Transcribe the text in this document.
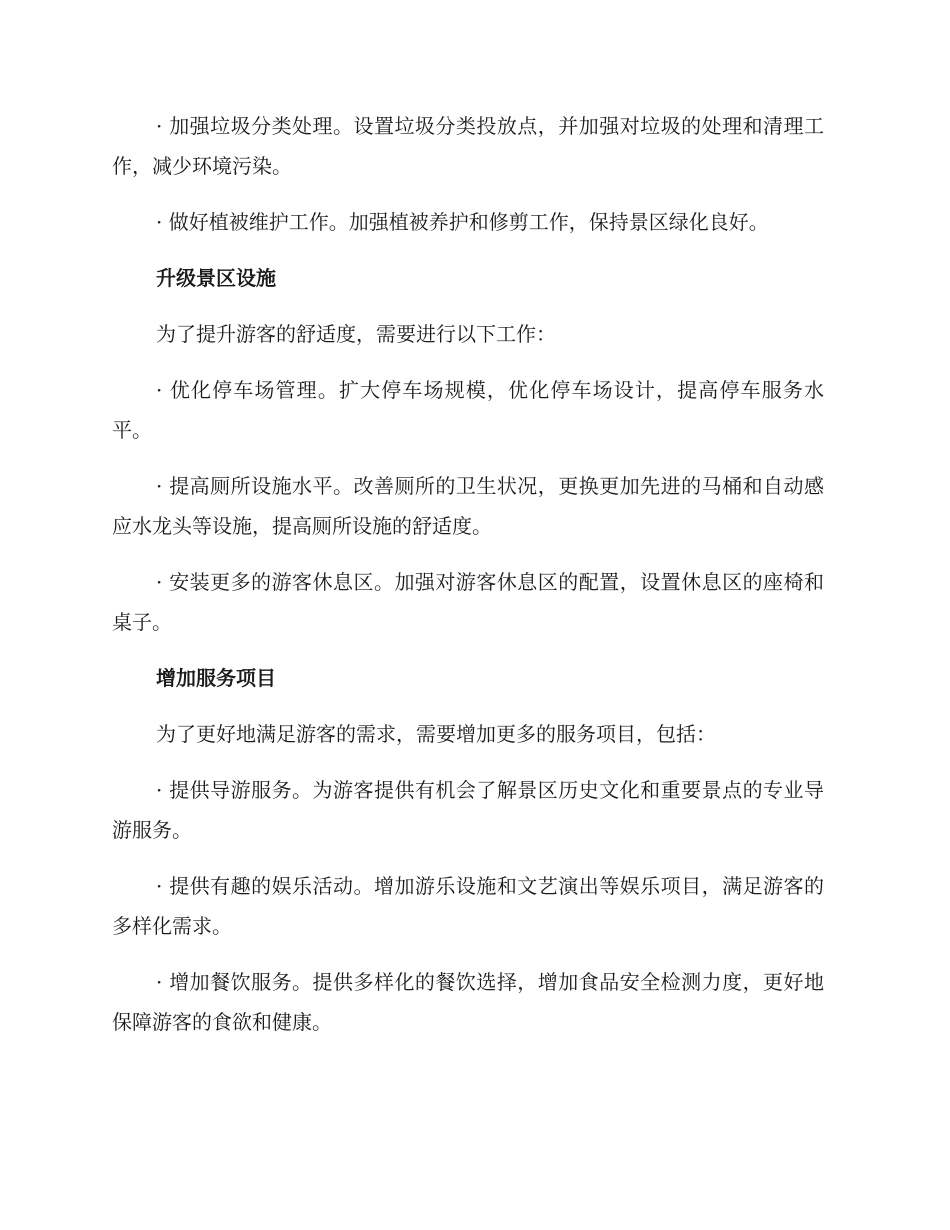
· 加强垃圾分类处理。设置垃圾分类投放点，并加强对垃圾的处理和清理工作，减少环境污染。

· 做好植被维护工作。加强植被养护和修剪工作，保持景区绿化良好。

升级景区设施

为了提升游客的舒适度，需要进行以下工作：

· 优化停车场管理。扩大停车场规模，优化停车场设计，提高停车服务水平。

· 提高厕所设施水平。改善厕所的卫生状况，更换更加先进的马桶和自动感应水龙头等设施，提高厕所设施的舒适度。

· 安装更多的游客休息区。加强对游客休息区的配置，设置休息区的座椅和桌子。

增加服务项目

为了更好地满足游客的需求，需要增加更多的服务项目，包括：

· 提供导游服务。为游客提供有机会了解景区历史文化和重要景点的专业导游服务。

· 提供有趣的娱乐活动。增加游乐设施和文艺演出等娱乐项目，满足游客的多样化需求。

· 增加餐饮服务。提供多样化的餐饮选择，增加食品安全检测力度，更好地保障游客的食欲和健康。
